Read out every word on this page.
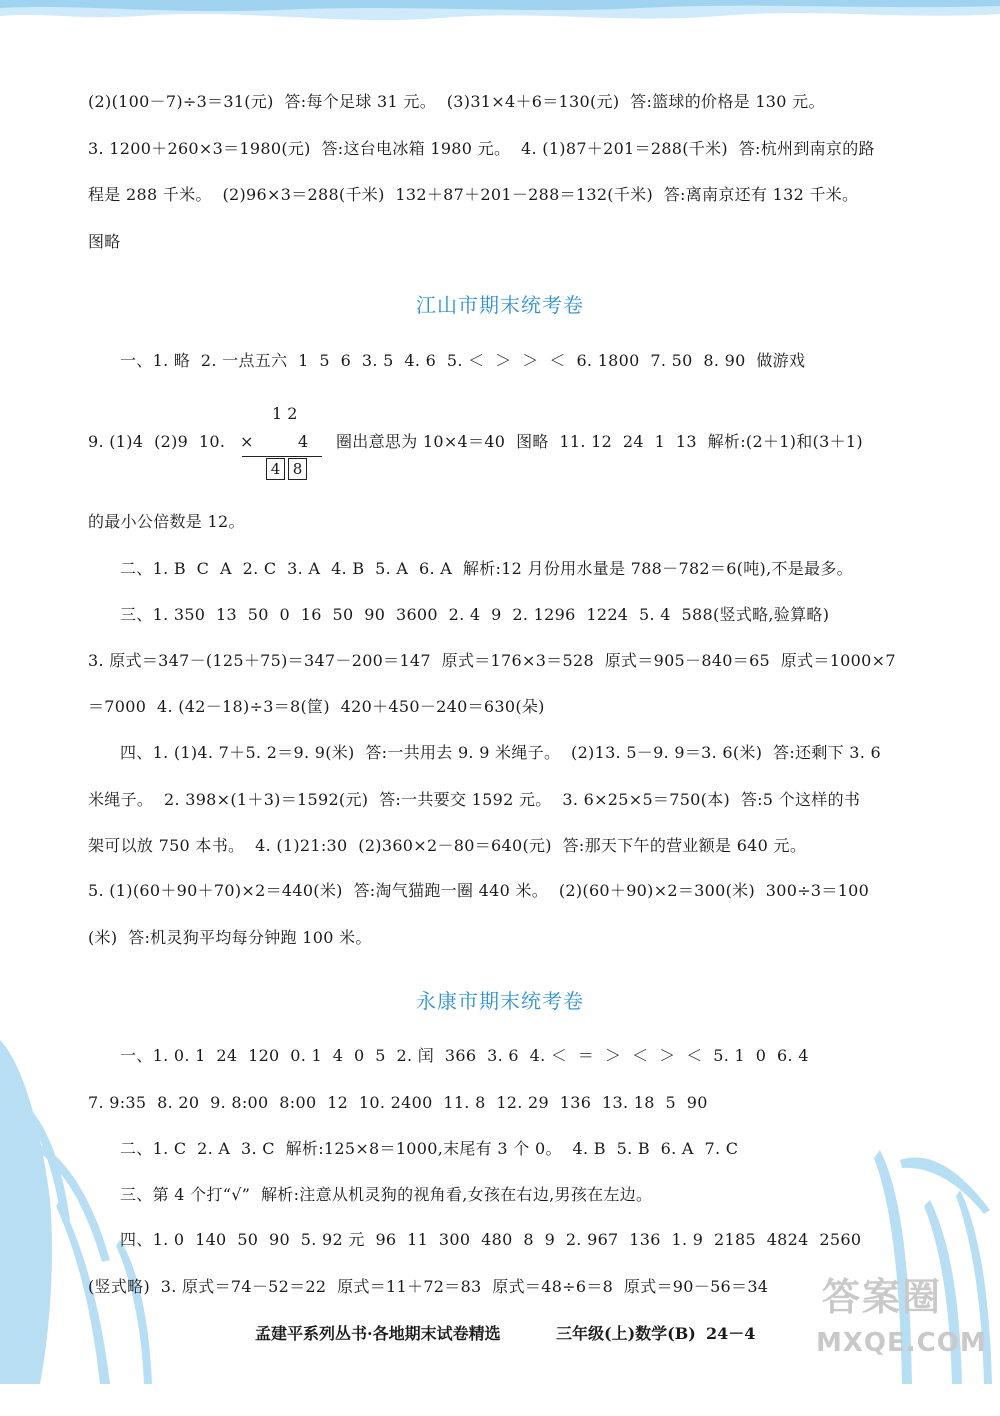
(2)(100－7)÷3＝31(元)  答:每个足球 31 元。  (3)31×4＋6＝130(元)  答:篮球的价格是 130 元。
3. 1200＋260×3＝1980(元)  答:这台电冰箱 1980 元。  4. (1)87＋201＝288(千米)  答:杭州到南京的路
程是 288 千米。  (2)96×3＝288(千米)  132＋87＋201－288＝132(千米)  答:离南京还有 132 千米。
图略
江山市期末统考卷
一、1. 略  2. 一点五六  1  5  6  3. 5  4. 6  5. ＜  ＞  ＞  ＜  6. 1800  7. 50  8. 90  做游戏
9. (1)4  (2)9  10.
1 2
×	4
4 8
圈出意思为 10×4＝40  图略  11. 12  24  1  13  解析:(2＋1)和(3＋1)
的最小公倍数是 12。
二、1. B  C  A  2. C  3. A  4. B  5. A  6. A  解析:12 月份用水量是 788－782＝6(吨),不是最多。
三、1. 350  13  50  0  16  50  90  3600  2. 4  9  2. 1296  1224  5. 4  588(竖式略,验算略)
3. 原式＝347－(125＋75)＝347－200＝147  原式＝176×3＝528  原式＝905－840＝65  原式＝1000×7
＝7000  4. (42－18)÷3＝8(筐)  420＋450－240＝630(朵)
四、1. (1)4. 7＋5. 2＝9. 9(米)  答:一共用去 9. 9 米绳子。  (2)13. 5－9. 9＝3. 6(米)  答:还剩下 3. 6
米绳子。  2. 398×(1＋3)＝1592(元)  答:一共要交 1592 元。  3. 6×25×5＝750(本)  答:5 个这样的书
架可以放 750 本书。  4. (1)21:30  (2)360×2－80＝640(元)  答:那天下午的营业额是 640 元。
5. (1)(60＋90＋70)×2＝440(米)  答:淘气猫跑一圈 440 米。  (2)(60＋90)×2＝300(米)  300÷3＝100
(米)  答:机灵狗平均每分钟跑 100 米。
永康市期末统考卷
一、1. 0. 1  24  120  0. 1  4  0  5  2. 闰  366  3. 6  4. ＜  ＝  ＞  ＜  ＞  ＜  5. 1  0  6. 4
7. 9:35  8. 20  9. 8:00  8:00  12  10. 2400  11. 8  12. 29  136  13. 18  5  90
二、1. C  2. A  3. C  解析:125×8＝1000,末尾有 3 个 0。  4. B  5. B  6. A  7. C
三、第 4 个打“√”  解析:注意从机灵狗的视角看,女孩在右边,男孩在左边。
四、1. 0  140  50  90  5. 92 元  96  11  300  480  8  9  2. 967  136  1. 9  2185  4824  2560
(竖式略)  3. 原式＝74－52＝22  原式＝11＋72＝83  原式＝48÷6＝8  原式＝90－56＝34	答案圈
MXQE.COM

孟建平系列丛书·各地期末试卷精选

	三年级(上)数学(B)

24－4
